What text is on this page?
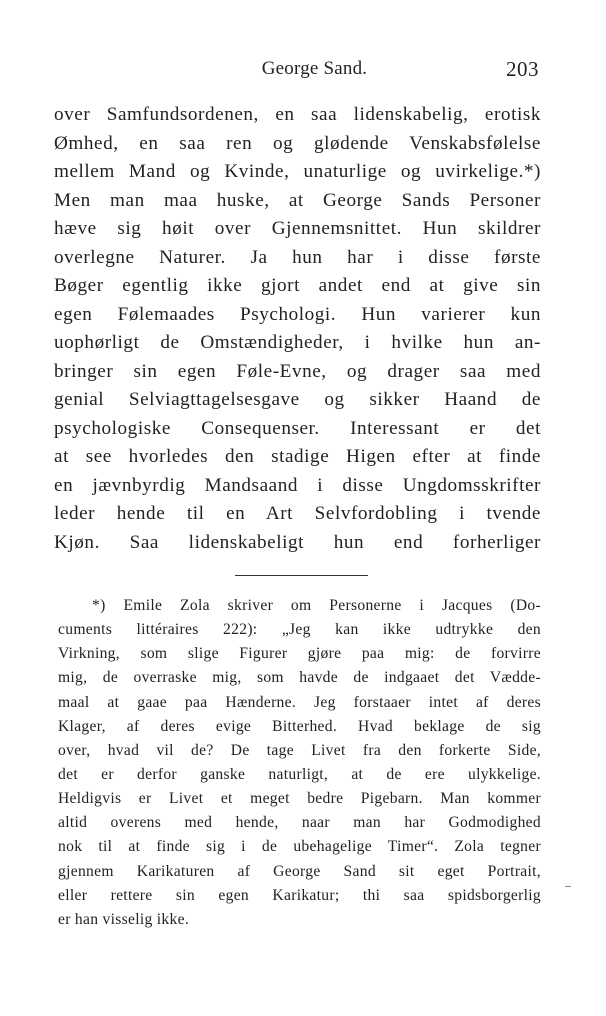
George Sand.	203
over Samfundsordenen, en saa lidenskabelig, erotisk
Ømhed, en saa ren og glødende Venskabsfølelse
mellem Mand og Kvinde, unaturlige og uvirkelige.*)
Men man maa huske, at George Sands Personer
hæve sig høit over Gjennemsnittet. Hun skildrer
overlegne Naturer. Ja hun har i disse første
Bøger egentlig ikke gjort andet end at give sin
egen Følemaades Psychologi. Hun varierer kun
uophørligt de Omstændigheder, i hvilke hun an-
bringer sin egen Føle-Evne, og drager saa med
genial Selviagttagelsesgave og sikker Haand de
psychologiske Consequenser. Interessant er det
at see hvorledes den stadige Higen efter at finde
en jævnbyrdig Mandsaand i disse Ungdomsskrifter
leder hende til en Art Selvfordobling i tvende
Kjøn. Saa lidenskabeligt hun end forherliger
*) Emile Zola skriver om Personerne i Jacques (Do-
cuments littéraires 222): „Jeg kan ikke udtrykke den
Virkning, som slige Figurer gjøre paa mig: de forvirre
mig, de overraske mig, som havde de indgaaet det Vædde-
maal at gaae paa Hænderne. Jeg forstaaer intet af deres
Klager, af deres evige Bitterhed. Hvad beklage de sig
over, hvad vil de? De tage Livet fra den forkerte Side,
det er derfor ganske naturligt, at de ere ulykkelige.
Heldigvis er Livet et meget bedre Pigebarn. Man kommer
altid overens med hende, naar man har Godmodighed
nok til at finde sig i de ubehagelige Timer“. Zola tegner
gjennem Karikaturen af George Sand sit eget Portrait,
eller rettere sin egen Karikatur; thi saa spidsborgerlig
er han visselig ikke.
